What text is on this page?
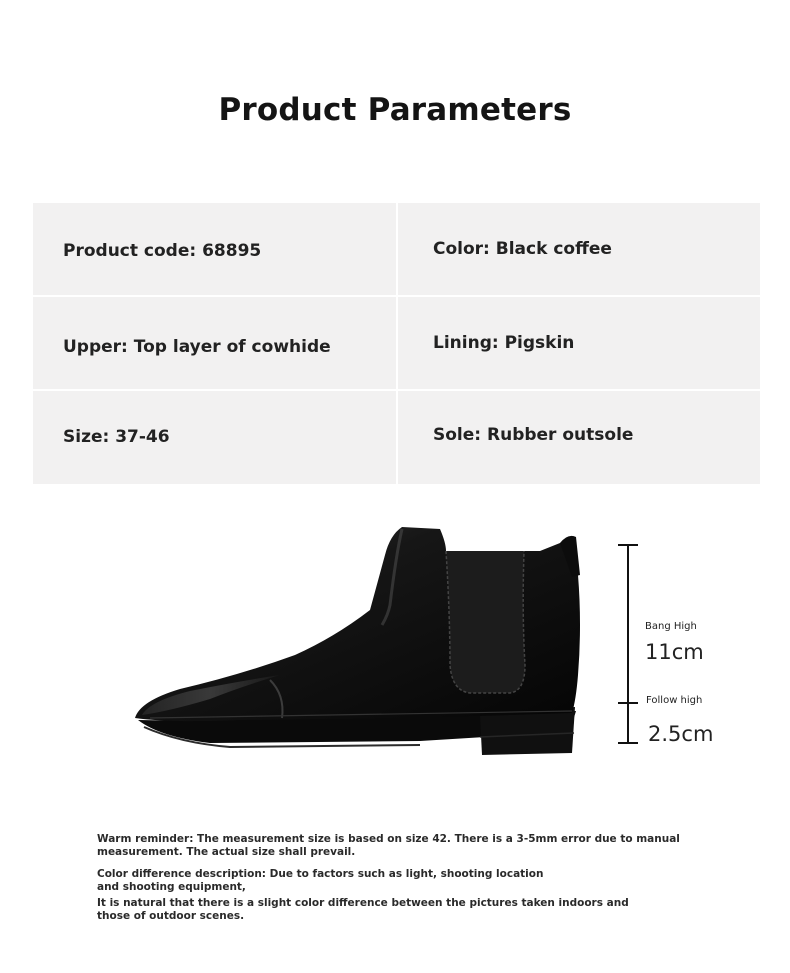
Product Parameters
Product code: 68895	Color: Black coffee
Upper: Top layer of cowhide	Lining: Pigskin
Size: 37-46	Sole: Rubber outsole
Bang High
11cm
Follow high
2.5cm
Warm reminder: The measurement size is based on size 42. There is a 3-5mm error due to manual measurement. The actual size shall prevail.
Color difference description: Due to factors such as light, shooting location and shooting equipment,
It is natural that there is a slight color difference between the pictures taken indoors and those of outdoor scenes.
